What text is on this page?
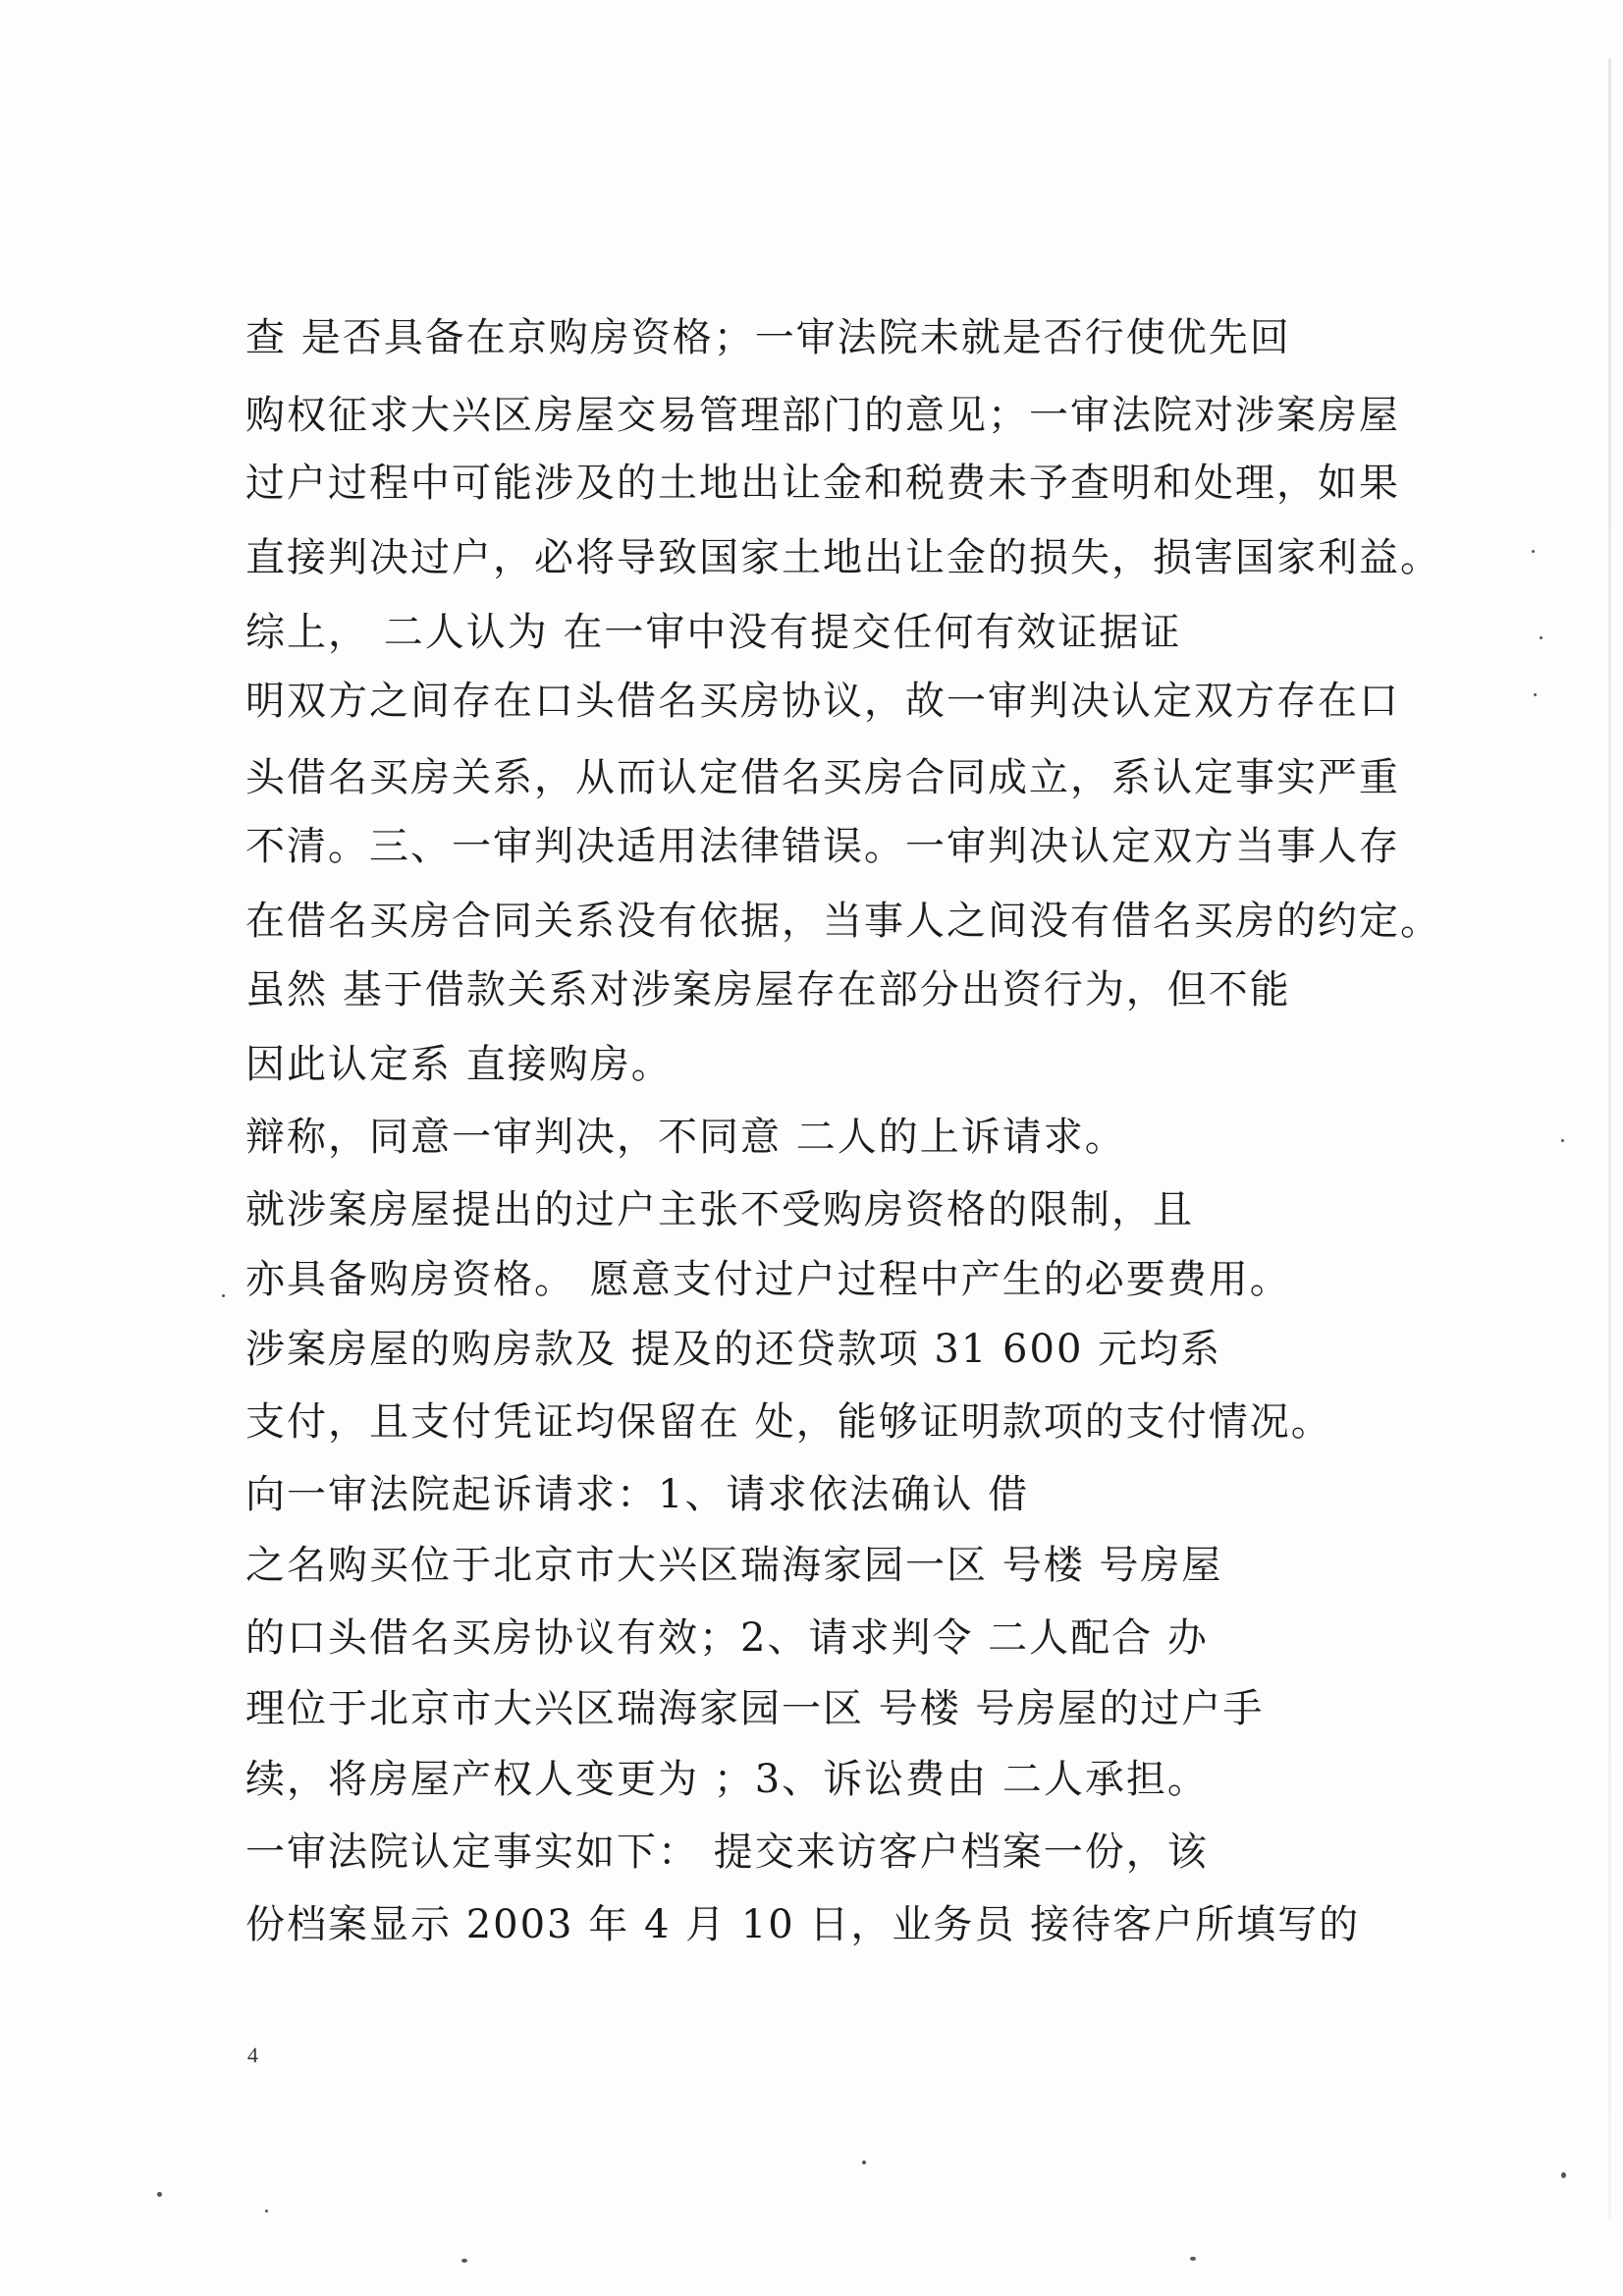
查 是否具备在京购房资格；一审法院未就是否行使优先回
购权征求大兴区房屋交易管理部门的意见；一审法院对涉案房屋
过户过程中可能涉及的土地出让金和税费未予查明和处理，如果
直接判决过户，必将导致国家土地出让金的损失，损害国家利益。
综上， 二人认为 在一审中没有提交任何有效证据证
明双方之间存在口头借名买房协议，故一审判决认定双方存在口
头借名买房关系，从而认定借名买房合同成立，系认定事实严重
不清。三、一审判决适用法律错误。一审判决认定双方当事人存
在借名买房合同关系没有依据，当事人之间没有借名买房的约定。
虽然 基于借款关系对涉案房屋存在部分出资行为，但不能
因此认定系 直接购房。
辩称，同意一审判决，不同意 二人的上诉请求。
就涉案房屋提出的过户主张不受购房资格的限制，且
亦具备购房资格。 愿意支付过户过程中产生的必要费用。
涉案房屋的购房款及 提及的还贷款项 31 600 元均系
支付，且支付凭证均保留在 处，能够证明款项的支付情况。
向一审法院起诉请求：1、请求依法确认 借
之名购买位于北京市大兴区瑞海家园一区 号楼 号房屋
的口头借名买房协议有效；2、请求判令 二人配合 办
理位于北京市大兴区瑞海家园一区 号楼 号房屋的过户手
续，将房屋产权人变更为 ；3、诉讼费由 二人承担。
一审法院认定事实如下： 提交来访客户档案一份，该
份档案显示 2003 年 4 月 10 日，业务员 接待客户所填写的
4
